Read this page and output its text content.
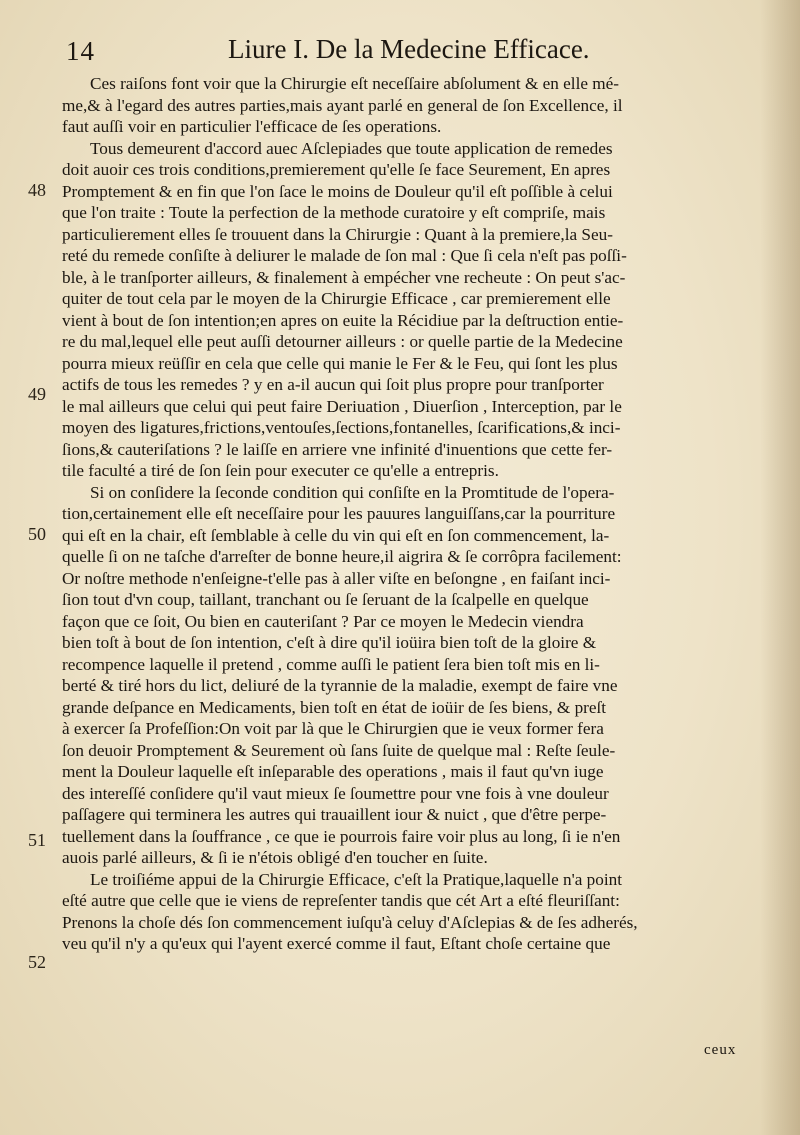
14	Liure I. De la Medecine Efficace.
48
49
50
51
52
Ces raiſons font voir que la Chirurgie eſt neceſſaire abſolument & en elle mé-
me,& à l'egard des autres parties,mais ayant parlé en general de ſon Excellence, il
faut auſſi voir en particulier l'efficace de ſes operations.
Tous demeurent d'accord auec Aſclepiades que toute application de remedes
doit auoir ces trois conditions,premierement qu'elle ſe face Seurement, En apres
Promptement & en fin que l'on ſace le moins de Douleur qu'il eſt poſſible à celui
que l'on traite : Toute la perfection de la methode curatoire y eſt compriſe, mais
particulierement elles ſe trouuent dans la Chirurgie : Quant à la premiere,la Seu-
reté du remede conſiſte à deliurer le malade de ſon mal : Que ſi cela n'eſt pas poſſi-
ble, à le tranſporter ailleurs, & finalement à empécher vne recheute : On peut s'ac-
quiter de tout cela par le moyen de la Chirurgie Efficace , car premierement elle
vient à bout de ſon intention;en apres on euite la Récidiue par la deſtruction entie-
re du mal,lequel elle peut auſſi detourner ailleurs : or quelle partie de la Medecine
pourra mieux reüſſir en cela que celle qui manie le Fer & le Feu, qui ſont les plus
actifs de tous les remedes ? y en a-il aucun qui ſoit plus propre pour tranſporter
le mal ailleurs que celui qui peut faire Deriuation , Diuerſion , Interception, par le
moyen des ligatures,frictions,ventouſes,ſections,fontanelles, ſcarifications,& inci-
ſions,& cauteriſations ? le laiſſe en arriere vne infinité d'inuentions que cette fer-
tile faculté a tiré de ſon ſein pour executer ce qu'elle a entrepris.
Si on conſidere la ſeconde condition qui conſiſte en la Promtitude de l'opera-
tion,certainement elle eſt neceſſaire pour les pauures languiſſans,car la pourriture
qui eſt en la chair, eſt ſemblable à celle du vin qui eſt en ſon commencement, la-
quelle ſi on ne taſche d'arreſter de bonne heure,il aigrira & ſe corrôpra facilement:
Or noſtre methode n'enſeigne-t'elle pas à aller viſte en beſongne , en faiſant inci-
ſion tout d'vn coup, taillant, tranchant ou ſe ſeruant de la ſcalpelle en quelque
façon que ce ſoit, Ou bien en cauteriſant ? Par ce moyen le Medecin viendra
bien toſt à bout de ſon intention, c'eſt à dire qu'il ioüira bien toſt de la gloire &
recompence laquelle il pretend , comme auſſi le patient ſera bien toſt mis en li-
berté & tiré hors du lict, deliuré de la tyrannie de la maladie, exempt de faire vne
grande deſpance en Medicaments, bien toſt en état de ioüir de ſes biens, & preſt
à exercer ſa Profeſſion:On voit par là que le Chirurgien que ie veux former fera
ſon deuoir Promptement & Seurement où ſans ſuite de quelque mal : Reſte ſeule-
ment la Douleur laquelle eſt inſeparable des operations , mais il faut qu'vn iuge
des intereſſé conſidere qu'il vaut mieux ſe ſoumettre pour vne fois à vne douleur
paſſagere qui terminera les autres qui trauaillent iour & nuict , que d'être perpe-
tuellement dans la ſouffrance , ce que ie pourrois faire voir plus au long, ſi ie n'en
auois parlé ailleurs, & ſi ie n'étois obligé d'en toucher en ſuite.
Le troiſiéme appui de la Chirurgie Efficace, c'eſt la Pratique,laquelle n'a point
eſté autre que celle que ie viens de repreſenter tandis que cét Art a eſté fleuriſſant:
Prenons la choſe dés ſon commencement iuſqu'à celuy d'Aſclepias & de ſes adherés,
veu qu'il n'y a qu'eux qui l'ayent exercé comme il faut, Eſtant choſe certaine que
ceux
